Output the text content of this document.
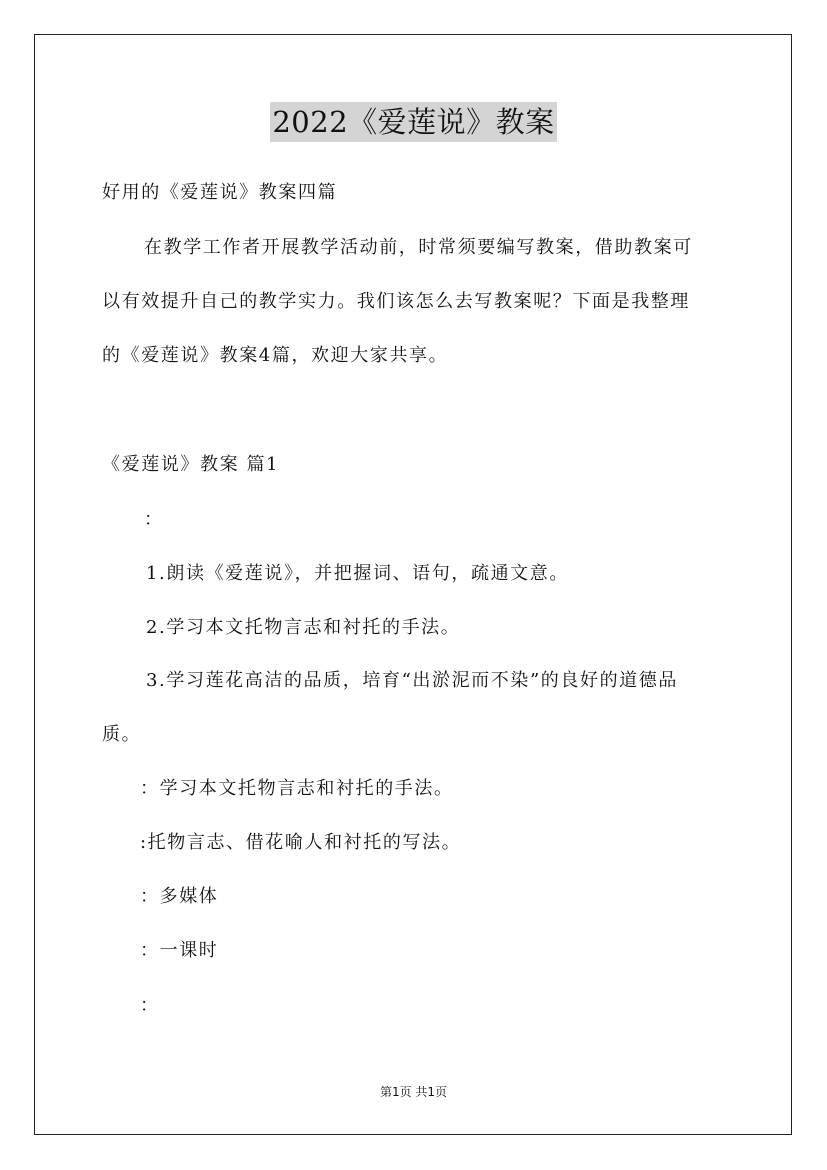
2022《爱莲说》教案
好用的《爱莲说》教案四篇
在教学工作者开展教学活动前，时常须要编写教案，借助教案可
以有效提升自己的教学实力。我们该怎么去写教案呢？下面是我整理
的《爱莲说》教案4篇，欢迎大家共享。
《爱莲说》教案 篇1
：
1.朗读《爱莲说》，并把握词、语句，疏通文意。
2.学习本文托物言志和衬托的手法。
3.学习莲花高洁的品质，培育“出淤泥而不染”的良好的道德品
质。
：学习本文托物言志和衬托的手法。
:托物言志、借花喻人和衬托的写法。
：多媒体
：一课时
：
第1页 共1页
